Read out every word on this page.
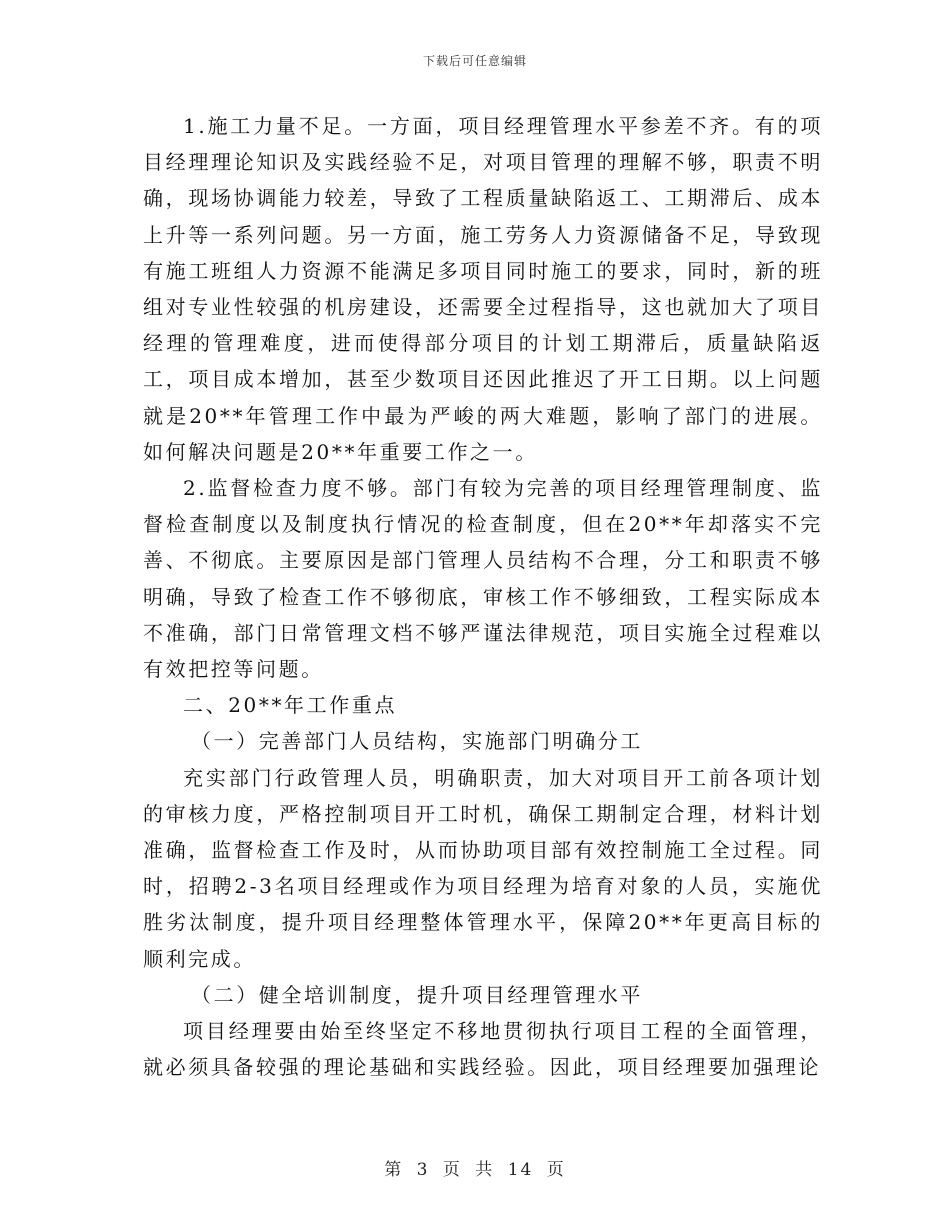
下载后可任意编辑

1.施工力量不足。一方面，项目经理管理水平参差不齐。有的项目经理理论知识及实践经验不足，对项目管理的理解不够，职责不明确，现场协调能力较差，导致了工程质量缺陷返工、工期滞后、成本上升等一系列问题。另一方面，施工劳务人力资源储备不足，导致现有施工班组人力资源不能满足多项目同时施工的要求，同时，新的班组对专业性较强的机房建设，还需要全过程指导，这也就加大了项目经理的管理难度，进而使得部分项目的计划工期滞后，质量缺陷返工，项目成本增加，甚至少数项目还因此推迟了开工日期。以上问题就是20**年管理工作中最为严峻的两大难题，影响了部门的进展。如何解决问题是20**年重要工作之一。

2.监督检查力度不够。部门有较为完善的项目经理管理制度、监督检查制度以及制度执行情况的检查制度，但在20**年却落实不完善、不彻底。主要原因是部门管理人员结构不合理，分工和职责不够明确，导致了检查工作不够彻底，审核工作不够细致，工程实际成本不准确，部门日常管理文档不够严谨法律规范，项目实施全过程难以有效把控等问题。

二、20**年工作重点

（一）完善部门人员结构，实施部门明确分工

充实部门行政管理人员，明确职责，加大对项目开工前各项计划的审核力度，严格控制项目开工时机，确保工期制定合理，材料计划准确，监督检查工作及时，从而协助项目部有效控制施工全过程。同时，招聘2-3名项目经理或作为项目经理为培育对象的人员，实施优胜劣汰制度，提升项目经理整体管理水平，保障20**年更高目标的顺利完成。

（二）健全培训制度，提升项目经理管理水平

项目经理要由始至终坚定不移地贯彻执行项目工程的全面管理，就必须具备较强的理论基础和实践经验。因此，项目经理要加强理论

第 3 页 共 14 页
